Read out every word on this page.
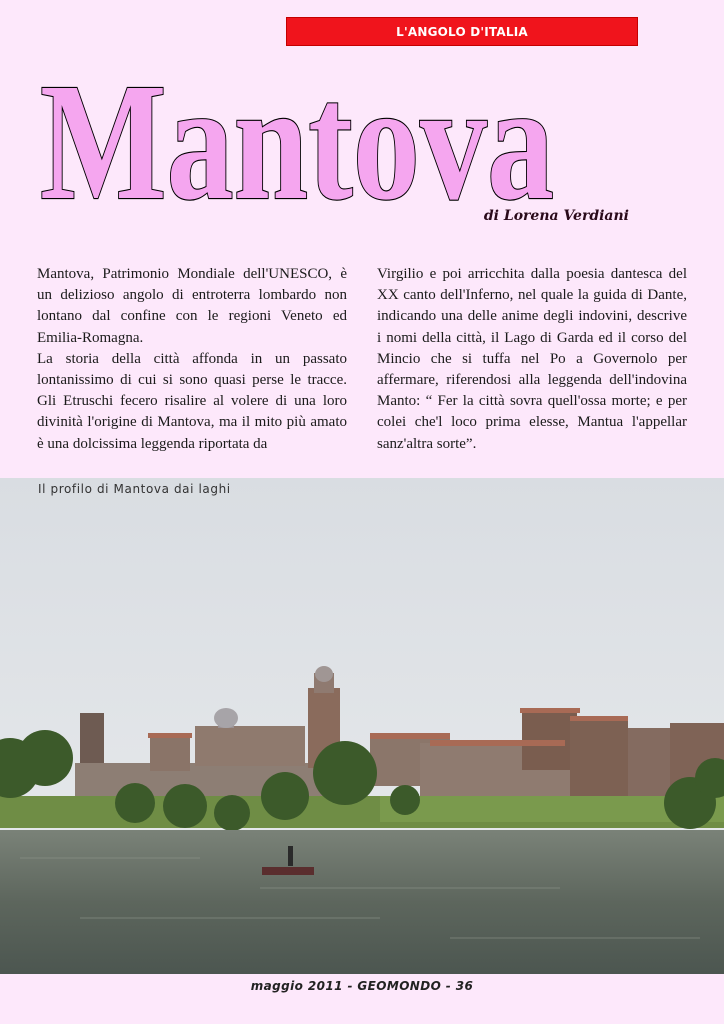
L'ANGOLO D'ITALIA
Mantova
di Lorena Verdiani

Mantova, Patrimonio Mondiale dell'UNESCO, è un delizioso angolo di entroterra lombardo non lontano dal confine con le regioni Veneto ed Emilia-Romagna.

La storia della città affonda in un passato lontanissimo di cui si sono quasi perse le tracce. Gli Etruschi fecero risalire al volere di una loro divinità l'origine di Mantova, ma il mito più amato è una dolcissima leggenda riportata da

Virgilio e poi arricchita dalla poesia dantesca del XX canto dell'Inferno, nel quale la guida di Dante, indicando una delle anime degli indovini, descrive i nomi della città, il Lago di Garda ed il corso del Mincio che si tuffa nel Po a Governolo per affermare, riferendosi alla leggenda dell'indovina Manto: “ Fer la città sovra quell'ossa morte; e per colei che'l loco prima elesse, Mantua l'appellar sanz'altra sorte”.

Il profilo di Mantova dai laghi
maggio 2011 - GEOMONDO - 36
